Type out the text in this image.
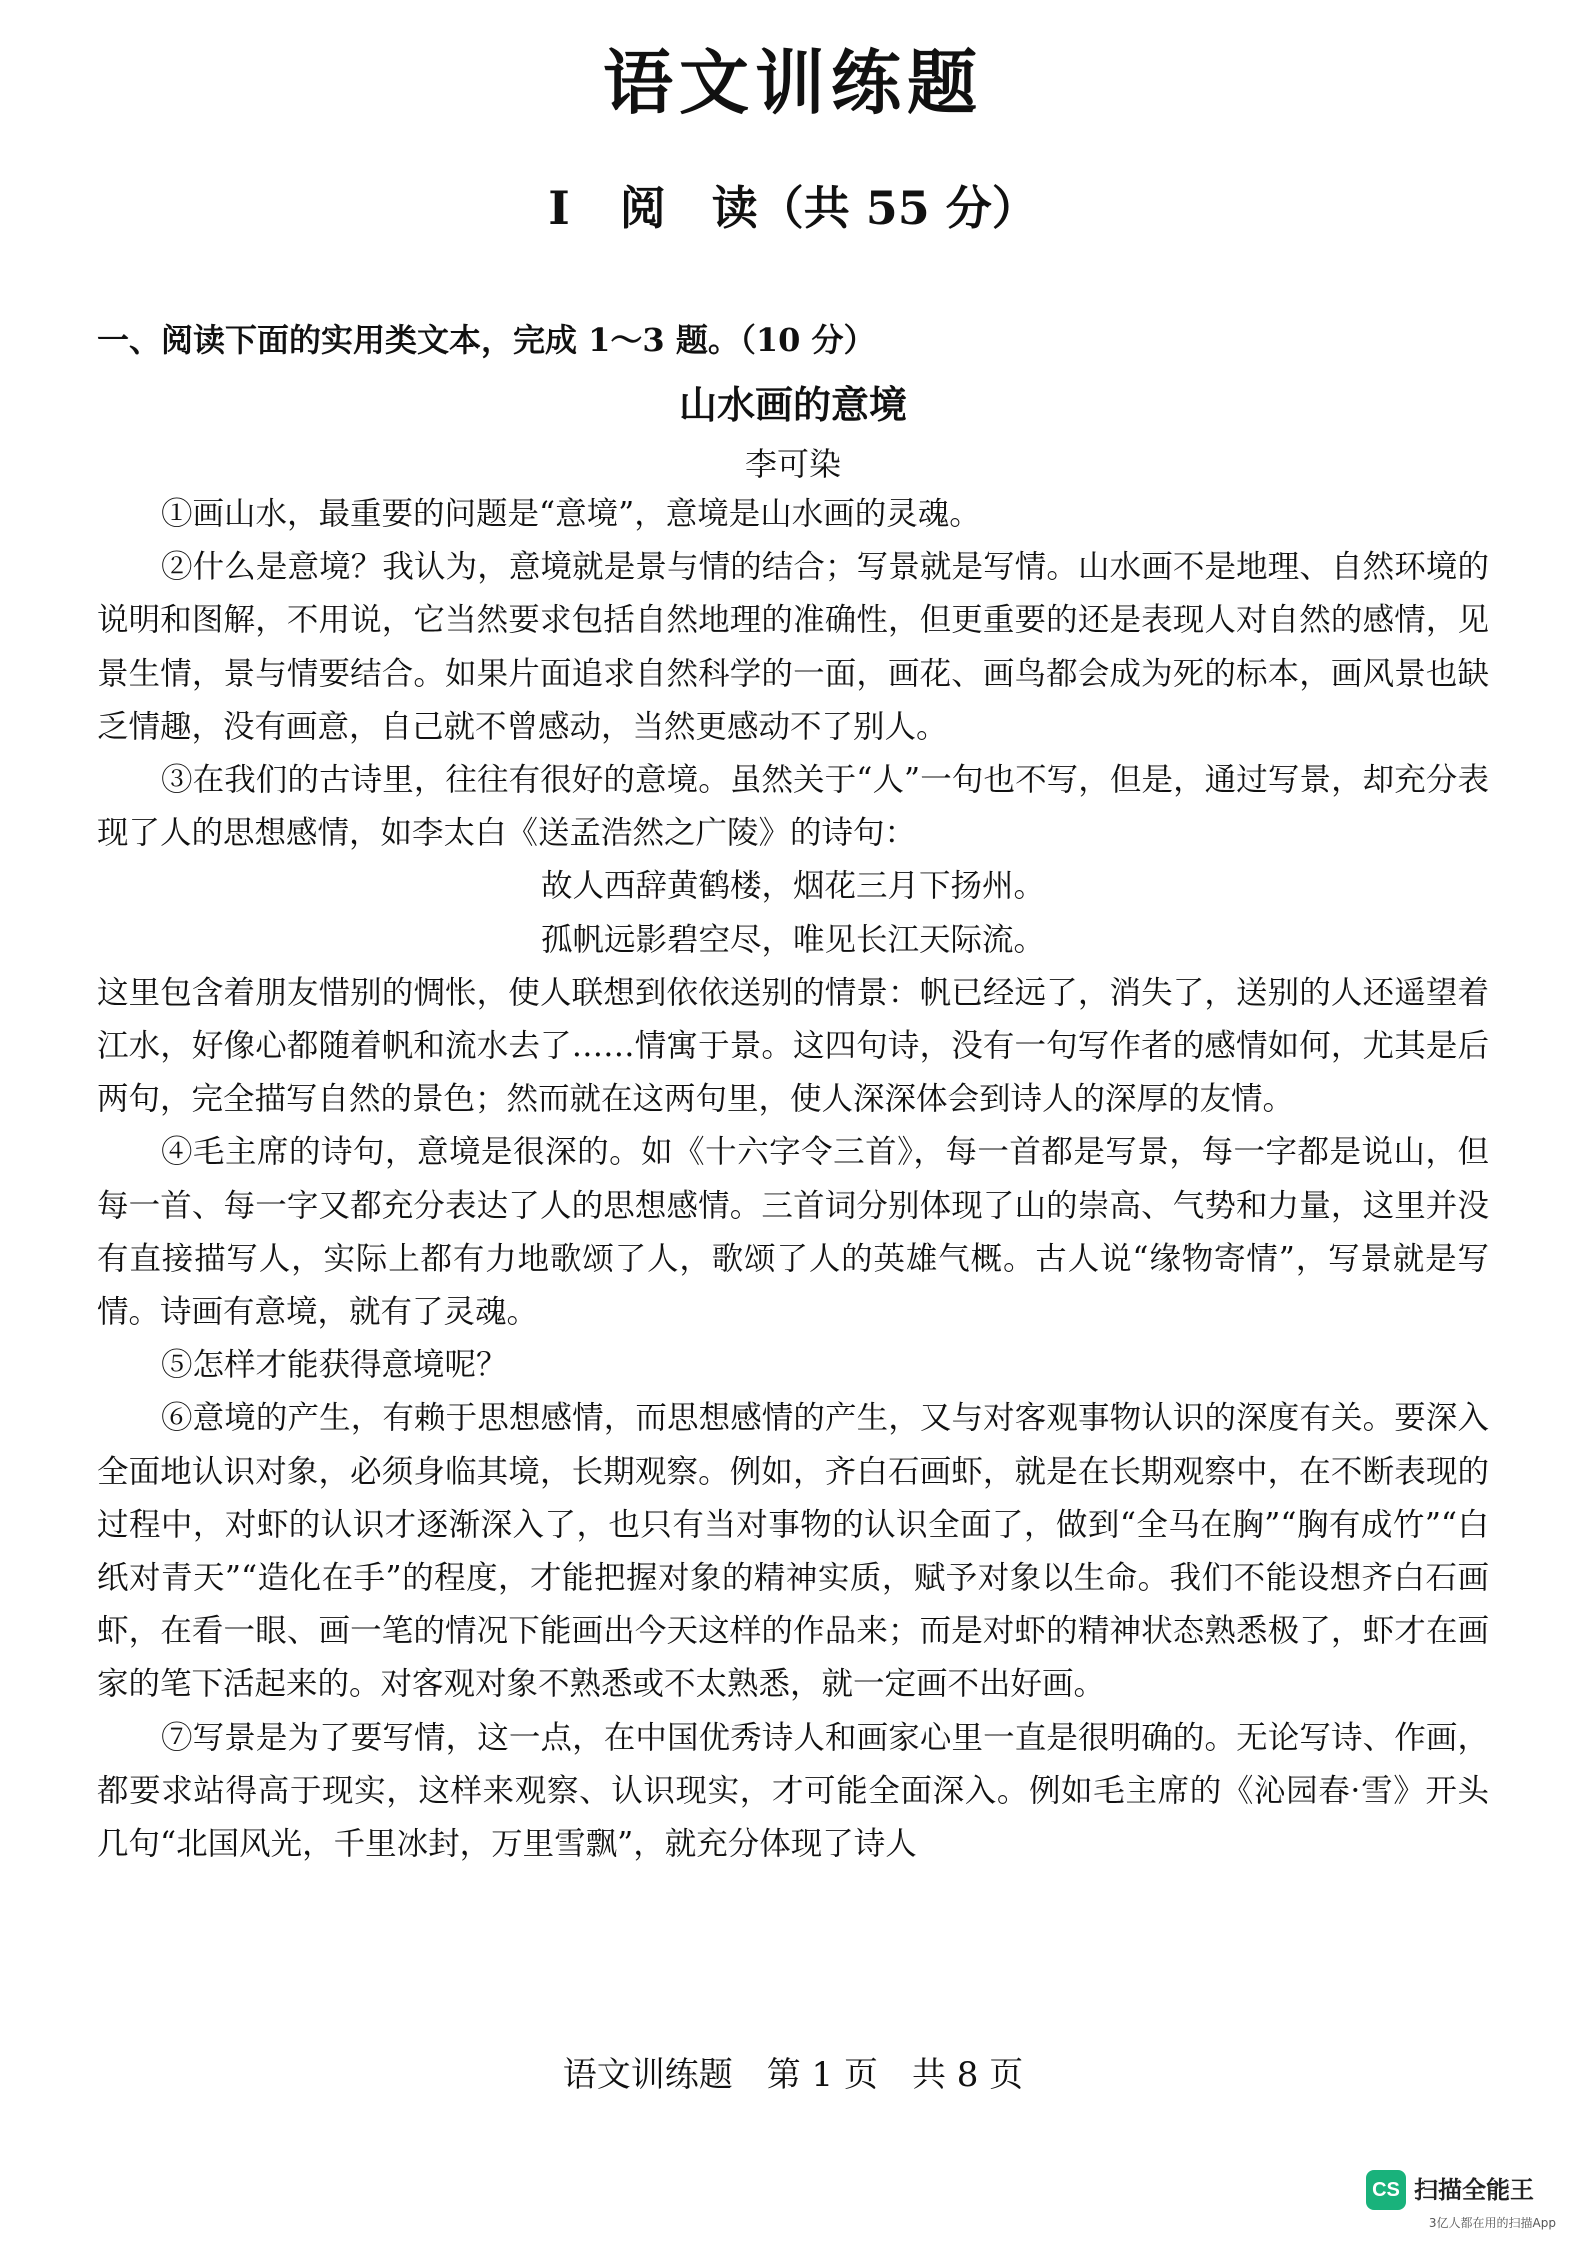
语文训练题
Ⅰ 阅　读（共 55 分）
一、阅读下面的实用类文本，完成 1～3 题。（10 分）
山水画的意境
李可染

①画山水，最重要的问题是“意境”，意境是山水画的灵魂。

②什么是意境？我认为，意境就是景与情的结合；写景就是写情。山水画不是地理、自然环境的说明和图解，不用说，它当然要求包括自然地理的准确性，但更重要的还是表现人对自然的感情，见景生情，景与情要结合。如果片面追求自然科学的一面，画花、画鸟都会成为死的标本，画风景也缺乏情趣，没有画意，自己就不曾感动，当然更感动不了别人。

③在我们的古诗里，往往有很好的意境。虽然关于“人”一句也不写，但是，通过写景，却充分表现了人的思想感情，如李太白《送孟浩然之广陵》的诗句：

故人西辞黄鹤楼，烟花三月下扬州。

孤帆远影碧空尽，唯见长江天际流。

这里包含着朋友惜别的惆怅，使人联想到依依送别的情景：帆已经远了，消失了，送别的人还遥望着江水，好像心都随着帆和流水去了……情寓于景。这四句诗，没有一句写作者的感情如何，尤其是后两句，完全描写自然的景色；然而就在这两句里，使人深深体会到诗人的深厚的友情。

④毛主席的诗句，意境是很深的。如《十六字令三首》，每一首都是写景，每一字都是说山，但每一首、每一字又都充分表达了人的思想感情。三首词分别体现了山的崇高、气势和力量，这里并没有直接描写人，实际上都有力地歌颂了人，歌颂了人的英雄气概。古人说“缘物寄情”，写景就是写情。诗画有意境，就有了灵魂。

⑤怎样才能获得意境呢？

⑥意境的产生，有赖于思想感情，而思想感情的产生，又与对客观事物认识的深度有关。要深入全面地认识对象，必须身临其境，长期观察。例如，齐白石画虾，就是在长期观察中，在不断表现的过程中，对虾的认识才逐渐深入了，也只有当对事物的认识全面了，做到“全马在胸”“胸有成竹”“白纸对青天”“造化在手”的程度，才能把握对象的精神实质，赋予对象以生命。我们不能设想齐白石画虾，在看一眼、画一笔的情况下能画出今天这样的作品来；而是对虾的精神状态熟悉极了，虾才在画家的笔下活起来的。对客观对象不熟悉或不太熟悉，就一定画不出好画。

⑦写景是为了要写情，这一点，在中国优秀诗人和画家心里一直是很明确的。无论写诗、作画，都要求站得高于现实，这样来观察、认识现实，才可能全面深入。例如毛主席的《沁园春·雪》开头几句“北国风光，千里冰封，万里雪飘”，就充分体现了诗人

语文训练题　第 1 页　共 8 页
CS 扫描全能王
3亿人都在用的扫描App
